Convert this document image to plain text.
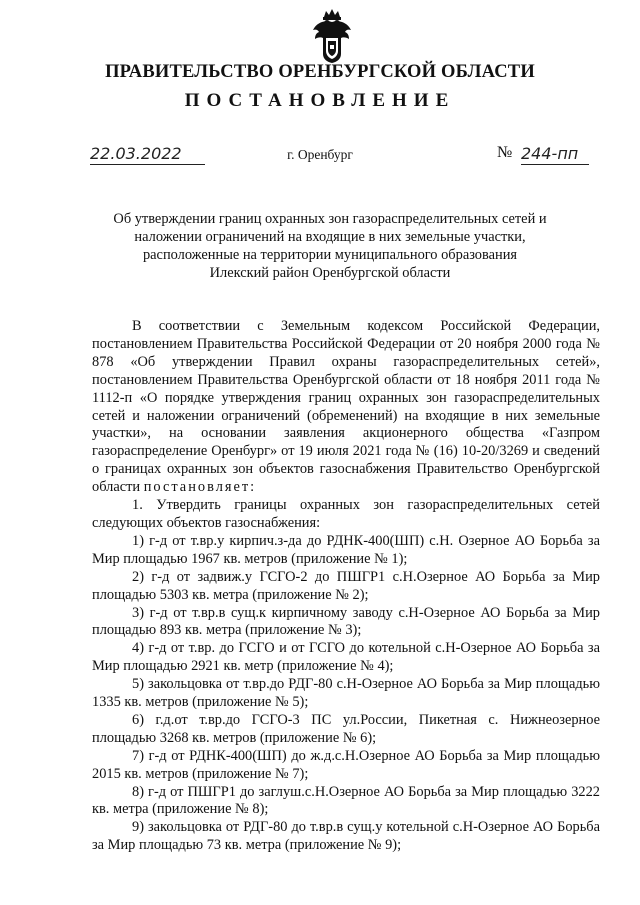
ПРАВИТЕЛЬСТВО ОРЕНБУРГСКОЙ ОБЛАСТИ
ПОСТАНОВЛЕНИЕ
22.03.2022	г. Оренбург	№ 244-пп
Об утверждении границ охранных зон газораспределительных сетей и
наложении ограничений на входящие в них земельные участки,
расположенные на территории муниципального образования
Илекский район Оренбургской области

В соответствии с Земельным кодексом Российской Федерации, постановлением Правительства Российской Федерации от 20 ноября 2000 года № 878 «Об утверждении Правил охраны газораспределительных сетей», постановлением Правительства Оренбургской области от 18 ноября 2011 года № 1112-п «О порядке утверждения границ охранных зон газораспределительных сетей и наложении ограничений (обременений) на входящие в них земельные участки», на основании заявления акционерного общества «Газпром газораспределение Оренбург» от 19 июля 2021 года № (16) 10-20/3269 и сведений о границах охранных зон объектов газоснабжения Правительство Оренбургской области постановляет:

1. Утвердить границы охранных зон газораспределительных сетей следующих объектов газоснабжения:

1) г-д от т.вр.у кирпич.з-да до РДНК-400(ШП) с.Н. Озерное АО Борьба за Мир площадью 1967 кв. метров (приложение № 1);

2) г-д от задвиж.у ГСГО-2 до ПШГР1 с.Н.Озерное АО Борьба за Мир площадью 5303 кв. метра (приложение № 2);

3) г-д от т.вр.в сущ.к кирпичному заводу с.Н-Озерное АО Борьба за Мир площадью 893 кв. метра (приложение № 3);

4) г-д от т.вр. до ГСГО и от ГСГО до котельной с.Н-Озерное АО Борьба за Мир площадью 2921 кв. метр (приложение № 4);

5) закольцовка от т.вр.до РДГ-80 с.Н-Озерное АО Борьба за Мир площадью 1335 кв. метров (приложение № 5);

6) г.д.от т.вр.до ГСГО-3 ПС ул.России, Пикетная с. Нижнеозерное площадью 3268 кв. метров (приложение № 6);

7) г-д от РДНК-400(ШП) до ж.д.с.Н.Озерное АО Борьба за Мир площадью 2015 кв. метров (приложение № 7);

8) г-д от ПШГР1 до заглуш.с.Н.Озерное АО Борьба за Мир площадью 3222 кв. метра (приложение № 8);

9) закольцовка от РДГ-80 до т.вр.в сущ.у котельной с.Н-Озерное АО Борьба за Мир площадью 73 кв. метра (приложение № 9);
